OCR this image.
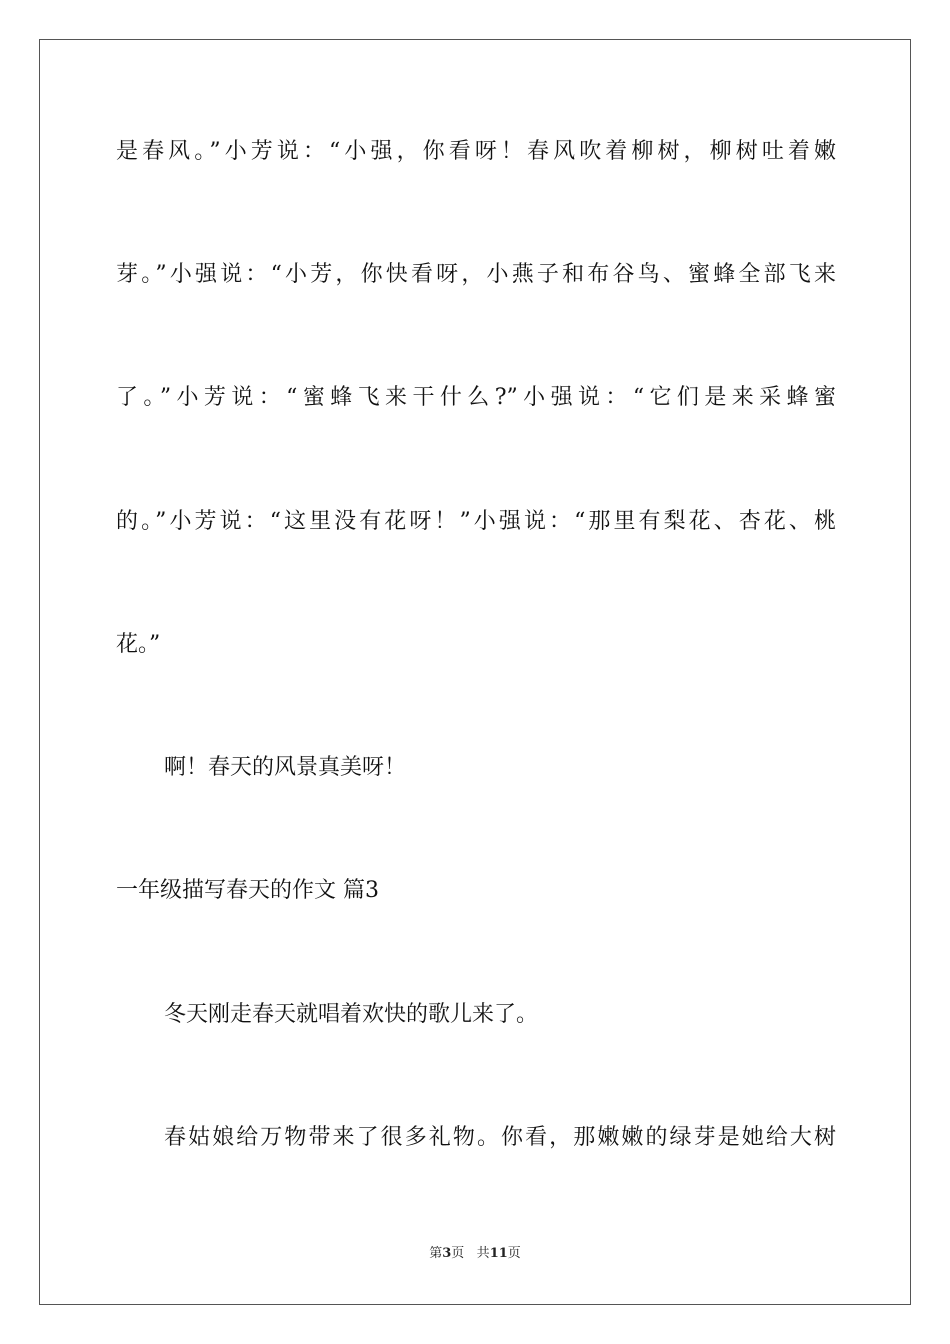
是春风。”小芳说：“小强，你看呀！春风吹着柳树，柳树吐着嫩
芽。”小强说：“小芳，你快看呀，小燕子和布谷鸟、蜜蜂全部飞来
了。”小芳说：“蜜蜂飞来干什么?”小强说：“它们是来采蜂蜜
的。”小芳说：“这里没有花呀！”小强说：“那里有梨花、杏花、桃
花。”
啊！春天的风景真美呀！
一年级描写春天的作文 篇3
冬天刚走春天就唱着欢快的歌儿来了。
春姑娘给万物带来了很多礼物。你看，那嫩嫩的绿芽是她给大树
第3页 共11页
